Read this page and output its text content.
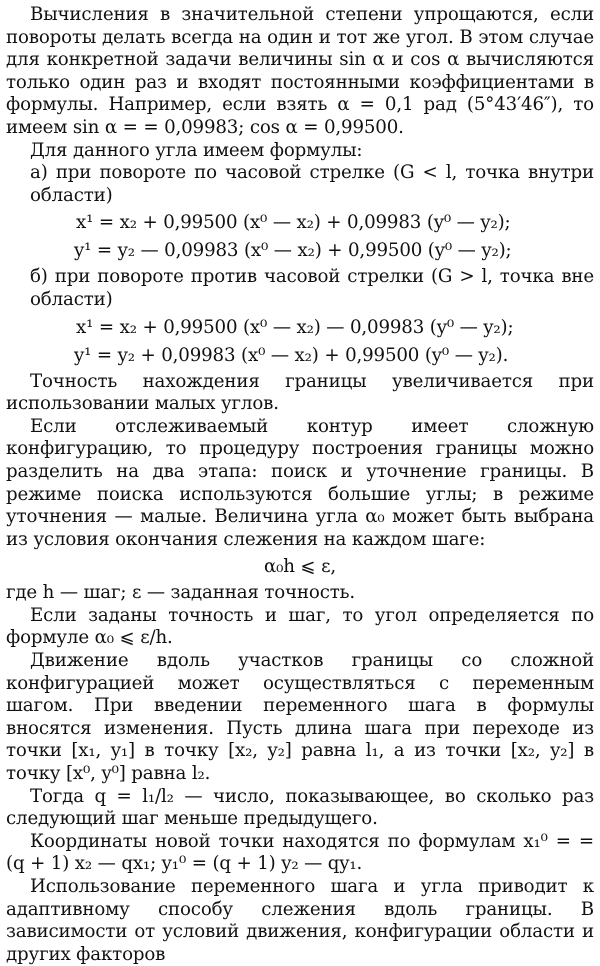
Вычисления в значительной степени упрощаются, если повороты делать всегда на один и тот же угол. В этом случае для конкретной задачи величины sin α и cos α вычисляются только один раз и входят постоянными коэффициентами в формулы. Например, если взять α = 0,1 рад (5°43′46″), то имеем sin α = = 0,09983; cos α = 0,99500.

Для данного угла имеем формулы:

а) при повороте по часовой стрелке (G < l, точка внутри области)

x¹ = x₂ + 0,99500 (x⁰ — x₂) + 0,09983 (y⁰ — y₂);
y¹ = y₂ — 0,09983 (x⁰ — x₂) + 0,99500 (y⁰ — y₂);

б) при повороте против часовой стрелки (G > l, точка вне области)

x¹ = x₂ + 0,99500 (x⁰ — x₂) — 0,09983 (y⁰ — y₂);
y¹ = y₂ + 0,09983 (x⁰ — x₂) + 0,99500 (y⁰ — y₂).

Точность нахождения границы увеличивается при использовании малых углов.

Если отслеживаемый контур имеет сложную конфигурацию, то процедуру построения границы можно разделить на два этапа: поиск и уточнение границы. В режиме поиска используются большие углы; в режиме уточнения — малые. Величина угла α₀ может быть выбрана из условия окончания слежения на каждом шаге:

α₀h ⩽ ε,

где h — шаг; ε — заданная точность.

Если заданы точность и шаг, то угол определяется по формуле α₀ ⩽ ε/h.

Движение вдоль участков границы со сложной конфигурацией может осуществляться с переменным шагом. При введении переменного шага в формулы вносятся изменения. Пусть длина шага при переходе из точки [x₁, y₁] в точку [x₂, y₂] равна l₁, а из точки [x₂, y₂] в точку [x⁰, y⁰] равна l₂.

Тогда q = l₁/l₂ — число, показывающее, во сколько раз следующий шаг меньше предыдущего.

Координаты новой точки находятся по формулам x₁⁰ = = (q + 1) x₂ — qx₁; y₁⁰ = (q + 1) y₂ — qy₁.

Использование переменного шага и угла приводит к адаптивному способу слежения вдоль границы. В зависимости от условий движения, конфигурации области и других факторов
